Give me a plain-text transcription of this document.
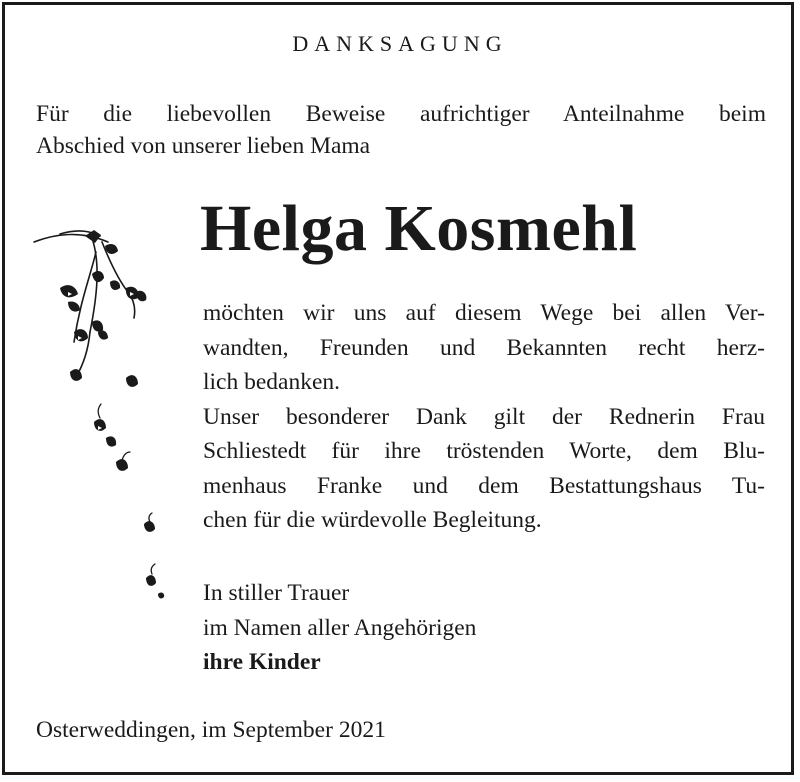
DANKSAGUNG
Für die liebevollen Beweise aufrichtiger Anteilnahme beim
Abschied von unserer lieben Mama
Helga Kosmehl
möchten wir uns auf diesem Wege bei allen Ver-
wandten, Freunden und Bekannten recht herz-
lich bedanken.
Unser besonderer Dank gilt der Rednerin Frau
Schliestedt für ihre tröstenden Worte, dem Blu-
menhaus Franke und dem Bestattungshaus Tu-
chen für die würdevolle Begleitung.
In stiller Trauer
im Namen aller Angehörigen
ihre Kinder
Osterweddingen, im September 2021
